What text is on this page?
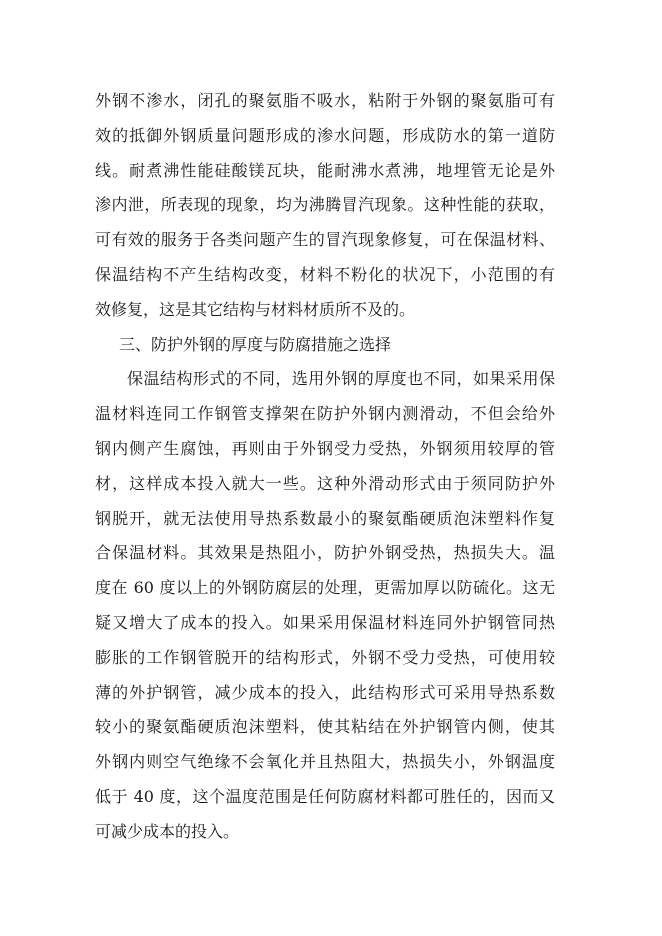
外钢不渗水，闭孔的聚氨脂不吸水，粘附于外钢的聚氨脂可有
效的抵御外钢质量问题形成的渗水问题，形成防水的第一道防
线。耐煮沸性能硅酸镁瓦块，能耐沸水煮沸，地埋管无论是外
渗内泄，所表现的现象，均为沸腾冒汽现象。这种性能的获取，
可有效的服务于各类问题产生的冒汽现象修复，可在保温材料、
保温结构不产生结构改变，材料不粉化的状况下，小范围的有
效修复，这是其它结构与材料材质所不及的。
三、防护外钢的厚度与防腐措施之选择
保温结构形式的不同，选用外钢的厚度也不同，如果采用保
温材料连同工作钢管支撑架在防护外钢内测滑动，不但会给外
钢内侧产生腐蚀，再则由于外钢受力受热，外钢须用较厚的管
材，这样成本投入就大一些。这种外滑动形式由于须同防护外
钢脱开，就无法使用导热系数最小的聚氨酯硬质泡沫塑料作复
合保温材料。其效果是热阻小，防护外钢受热，热损失大。温
度在 60 度以上的外钢防腐层的处理，更需加厚以防硫化。这无
疑又增大了成本的投入。如果采用保温材料连同外护钢管同热
膨胀的工作钢管脱开的结构形式，外钢不受力受热，可使用较
薄的外护钢管，减少成本的投入，此结构形式可采用导热系数
较小的聚氨酯硬质泡沫塑料，使其粘结在外护钢管内侧，使其
外钢内则空气绝缘不会氧化并且热阻大，热损失小，外钢温度
低于 40 度，这个温度范围是任何防腐材料都可胜任的，因而又
可减少成本的投入。
